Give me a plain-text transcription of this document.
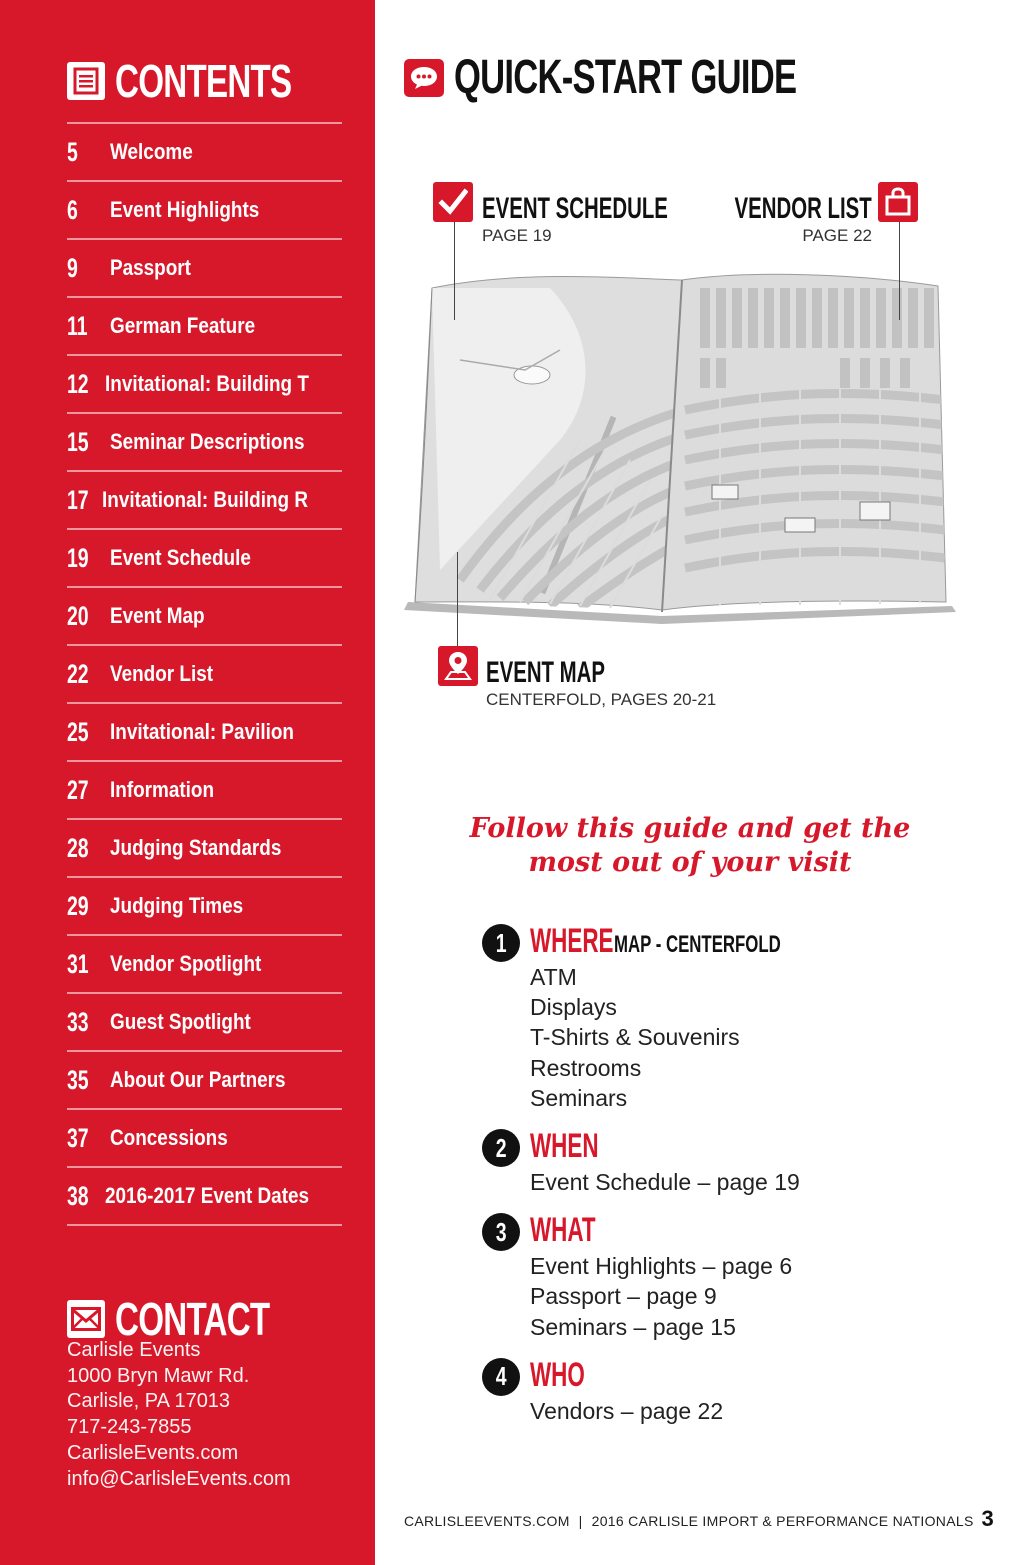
CONTENTS
5	Welcome
6	Event Highlights
9	Passport
11	German Feature
12 Invitational: Building T
15 Seminar Descriptions
17 Invitational: Building R
19 Event Schedule
20 Event Map
22 Vendor List
25 Invitational: Pavilion
27 Information
28 Judging Standards
29 Judging Times
31 Vendor Spotlight
33 Guest Spotlight
35 About Our Partners
37 Concessions
38 2016-2017 Event Dates
CONTACT
Carlisle Events
1000 Bryn Mawr Rd.
Carlisle, PA 17013
717-243-7855
CarlisleEvents.com
info@CarlisleEvents.com
QUICK-START GUIDE
EVENT SCHEDULE
PAGE 19
VENDOR LIST
PAGE 22
EVENT MAP
CENTERFOLD, PAGES 20-21
Follow this guide and get the
most out of your visit
1 WHERE MAP - CENTERFOLD
ATM
Displays
T-Shirts & Souvenirs
Restrooms
Seminars
2 WHEN
Event Schedule – page 19
3 WHAT
Event Highlights – page 6
Passport – page 9
Seminars – page 15
4 WHO
Vendors – page 22
CARLISLEEVENTS.COM | 2016 CARLISLE IMPORT & PERFORMANCE NATIONALS 3
